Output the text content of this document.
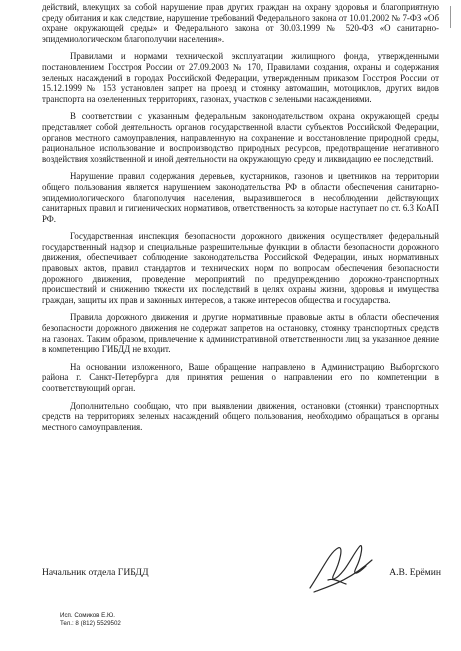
действий, влекущих за собой нарушение прав других граждан на охрану здоровья и благоприятную среду обитания и как следствие, нарушение требований Федерального закона от 10.01.2002 № 7-ФЗ «Об охране окружающей среды» и Федерального закона от 30.03.1999 № 520-ФЗ «О санитарно-эпидемиологическом благополучии населения».

Правилами и нормами технической эксплуатации жилищного фонда, утвержденными постановлением Госстроя России от 27.09.2003 № 170, Правилами создания, охраны и содержания зеленых насаждений в городах Российской Федерации, утвержденным приказом Госстроя России от 15.12.1999 № 153 установлен запрет на проезд и стоянку автомашин, мотоциклов, других видов транспорта на озелененных территориях, газонах, участков с зелеными насаждениями.

В соответствии с указанным федеральным законодательством охрана окружающей среды представляет собой деятельность органов государственной власти субъектов Российской Федерации, органов местного самоуправления, направленную на сохранение и восстановление природной среды, рациональное использование и воспроизводство природных ресурсов, предотвращение негативного воздействия хозяйственной и иной деятельности на окружающую среду и ликвидацию ее последствий.

Нарушение правил содержания деревьев, кустарников, газонов и цветников на территории общего пользования является нарушением законодательства РФ в области обеспечения санитарно-эпидемиологического благополучия населения, выразившегося в несоблюдении действующих санитарных правил и гигиенических нормативов, ответственность за которые наступает по ст. 6.3 КоАП РФ.

Государственная инспекция безопасности дорожного движения осуществляет федеральный государственный надзор и специальные разрешительные функции в области безопасности дорожного движения, обеспечивает соблюдение законодательства Российской Федерации, иных нормативных правовых актов, правил стандартов и технических норм по вопросам обеспечения безопасности дорожного движения, проведение мероприятий по предупреждению дорожно-транспортных происшествий и снижению тяжести их последствий в целях охраны жизни, здоровья и имущества граждан, защиты их прав и законных интересов, а также интересов общества и государства.

Правила дорожного движения и другие нормативные правовые акты в области обеспечения безопасности дорожного движения не содержат запретов на остановку, стоянку транспортных средств на газонах. Таким образом, привлечение к административной ответственности лиц за указанное деяние в компетенцию ГИБДД не входит.

На основании изложенного, Ваше обращение направлено в Администрацию Выборгского района г. Санкт-Петербурга для принятия решения о направлении его по компетенции в соответствующий орган.

Дополнительно сообщаю, что при выявлении движения, остановки (стоянки) транспортных средств на территориях зеленых насаждений общего пользования, необходимо обращаться в органы местного самоуправления.

Начальник отдела ГИБДД	А.В. Ерёмин
Исп. Сомиков Е.Ю.
Тел.: 8 (812) 5529502
